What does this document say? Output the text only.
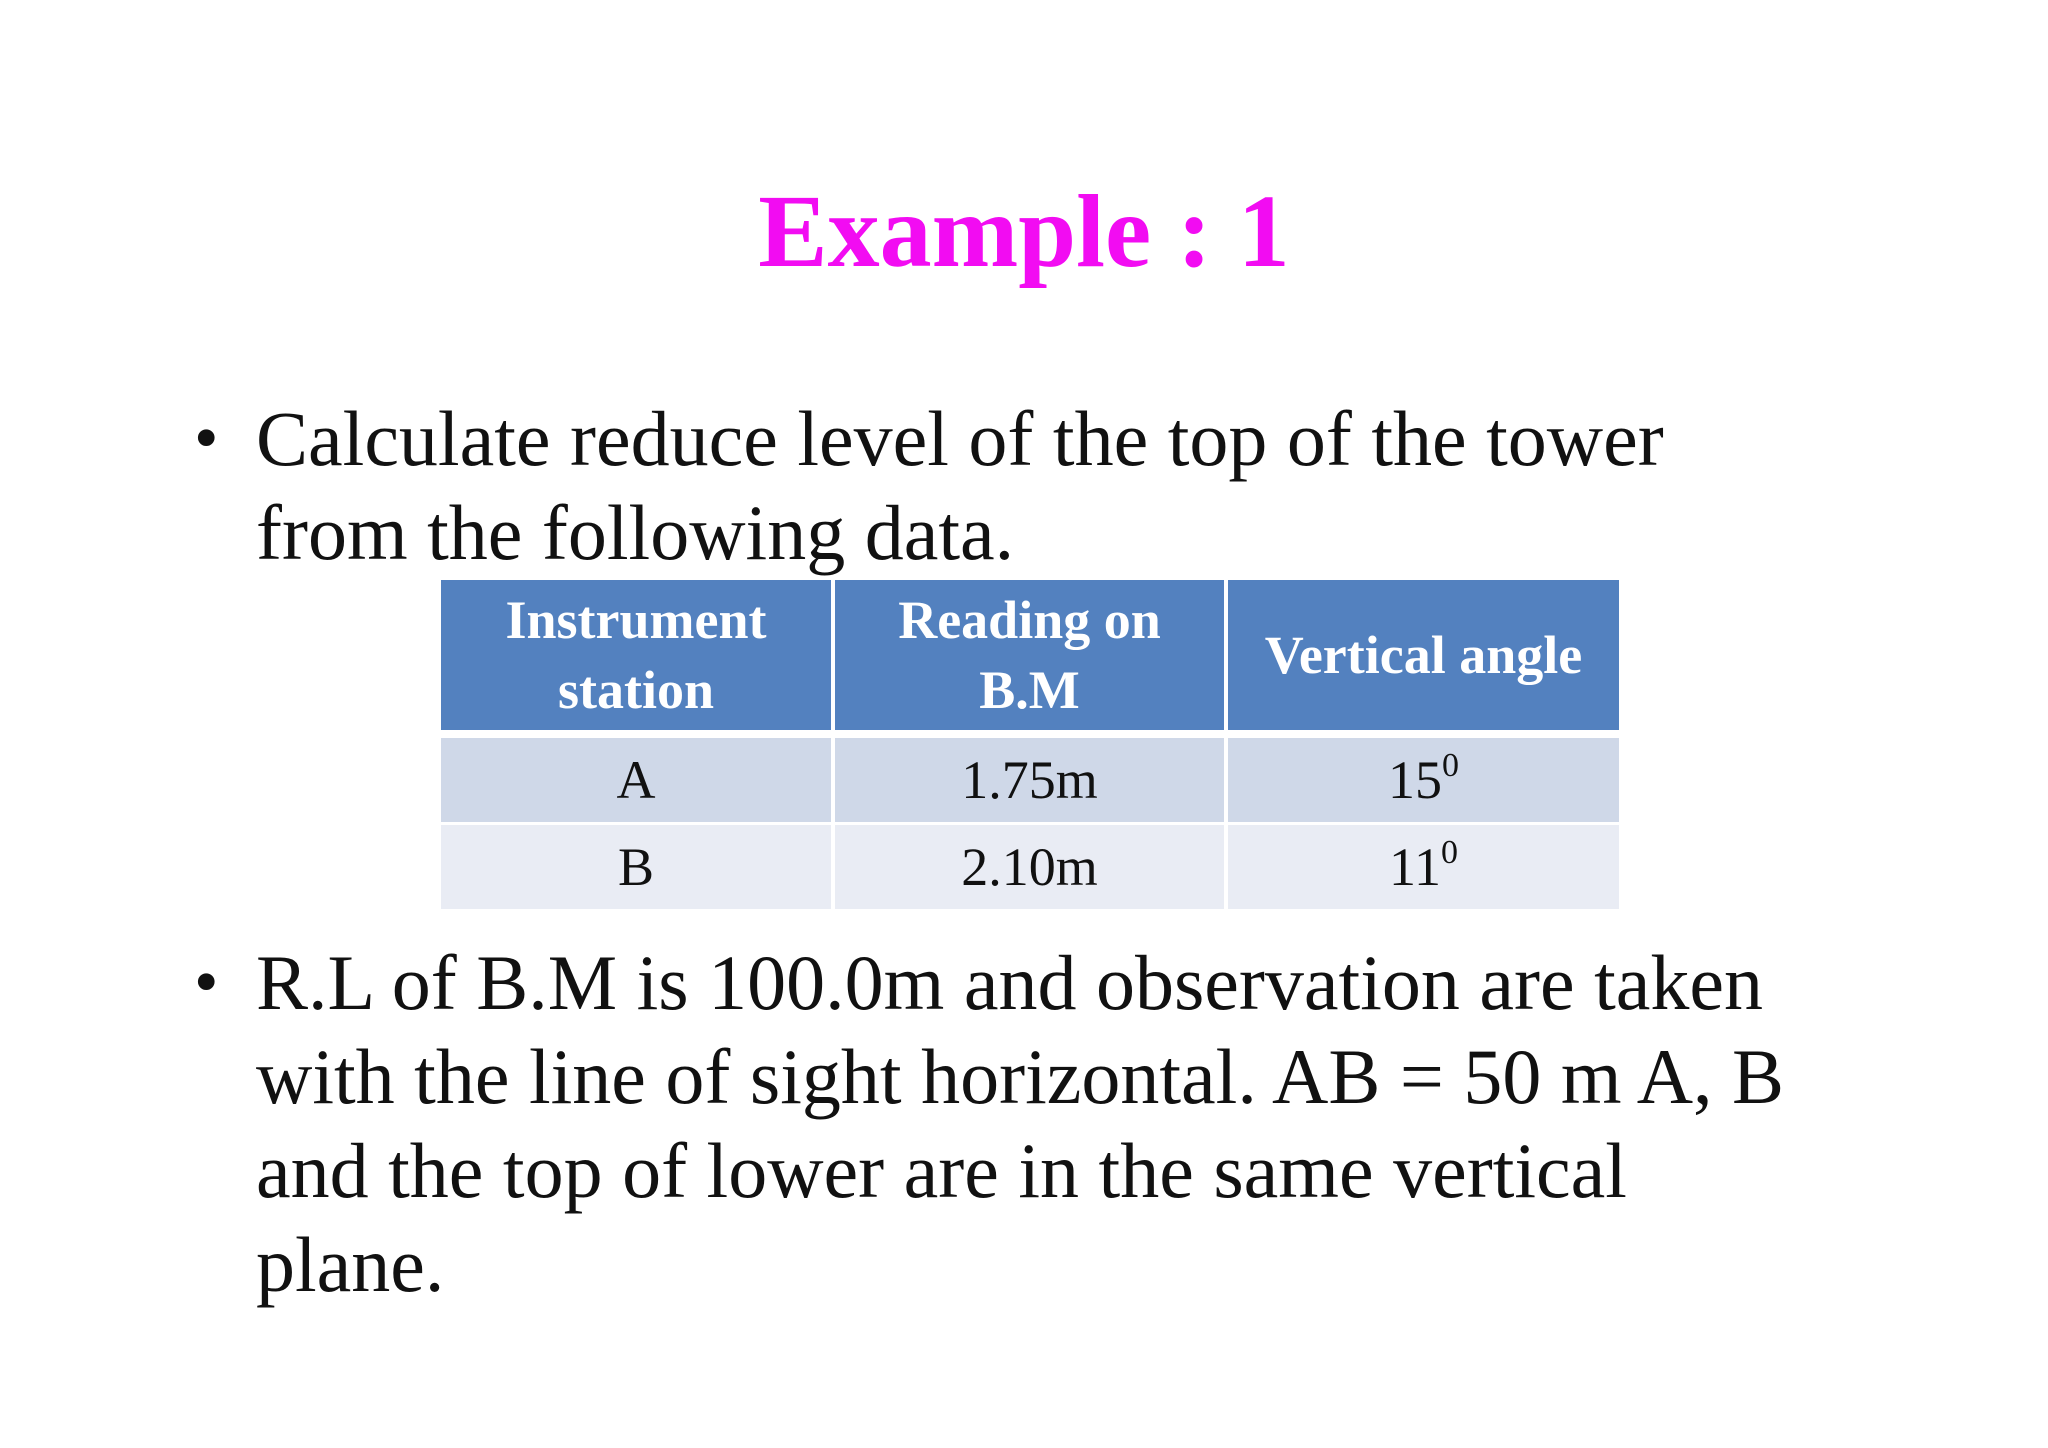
Example : 1
• Calculate reduce level of the top of the tower from the following data.
Instrument station	Reading on B.M	Vertical angle
A	1.75m	$15^0$
B	2.10m	$11^0$
• R.L of B.M is 100.0m and observation are taken with the line of sight horizontal. AB = 50 m A, B and the top of lower are in the same vertical plane.
